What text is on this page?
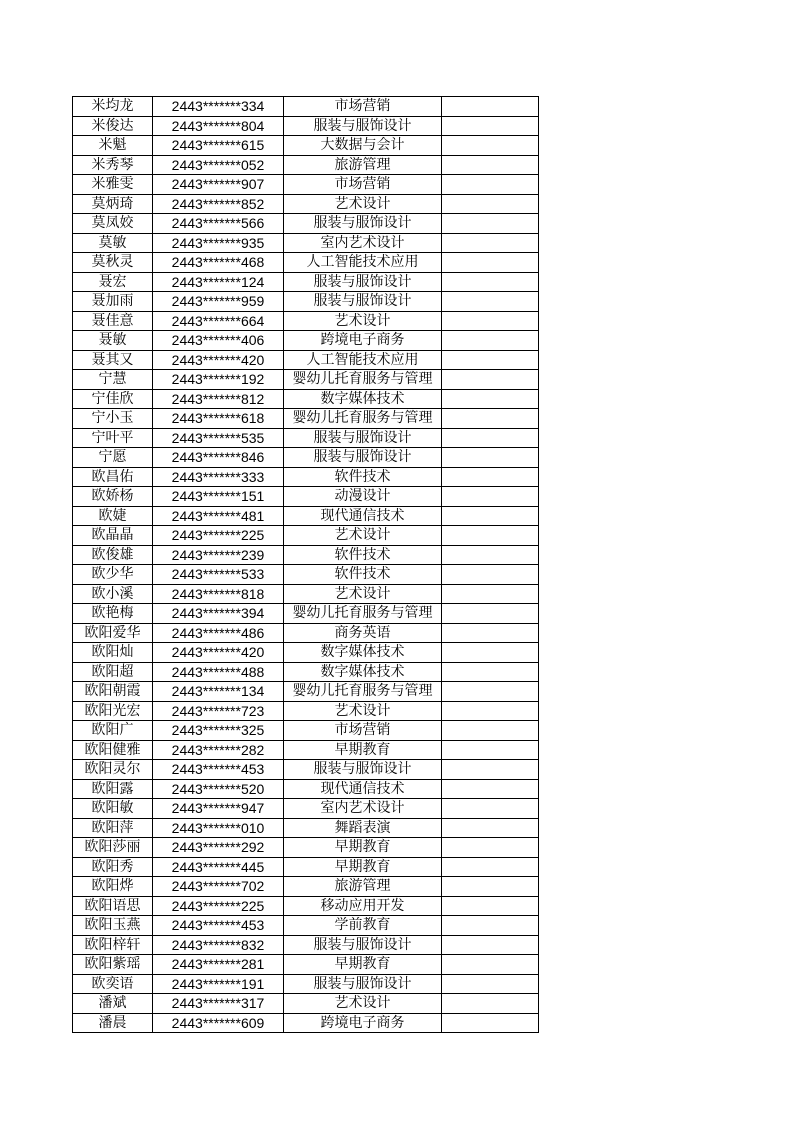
米均龙	2443*******334	市场营销	
米俊达	2443*******804	服装与服饰设计	
米魁	2443*******615	大数据与会计	
米秀琴	2443*******052	旅游管理	
米雅雯	2443*******907	市场营销	
莫炳琦	2443*******852	艺术设计	
莫凤姣	2443*******566	服装与服饰设计	
莫敏	2443*******935	室内艺术设计	
莫秋灵	2443*******468	人工智能技术应用	
聂宏	2443*******124	服装与服饰设计	
聂加雨	2443*******959	服装与服饰设计	
聂佳意	2443*******664	艺术设计	
聂敏	2443*******406	跨境电子商务	
聂其又	2443*******420	人工智能技术应用	
宁慧	2443*******192	婴幼儿托育服务与管理	
宁佳欣	2443*******812	数字媒体技术	
宁小玉	2443*******618	婴幼儿托育服务与管理	
宁叶平	2443*******535	服装与服饰设计	
宁愿	2443*******846	服装与服饰设计	
欧昌佑	2443*******333	软件技术	
欧娇杨	2443*******151	动漫设计	
欧婕	2443*******481	现代通信技术	
欧晶晶	2443*******225	艺术设计	
欧俊雄	2443*******239	软件技术	
欧少华	2443*******533	软件技术	
欧小溪	2443*******818	艺术设计	
欧艳梅	2443*******394	婴幼儿托育服务与管理	
欧阳爱华	2443*******486	商务英语	
欧阳灿	2443*******420	数字媒体技术	
欧阳超	2443*******488	数字媒体技术	
欧阳朝霞	2443*******134	婴幼儿托育服务与管理	
欧阳光宏	2443*******723	艺术设计	
欧阳广	2443*******325	市场营销	
欧阳健雅	2443*******282	早期教育	
欧阳灵尔	2443*******453	服装与服饰设计	
欧阳露	2443*******520	现代通信技术	
欧阳敏	2443*******947	室内艺术设计	
欧阳萍	2443*******010	舞蹈表演	
欧阳莎丽	2443*******292	早期教育	
欧阳秀	2443*******445	早期教育	
欧阳烨	2443*******702	旅游管理	
欧阳语思	2443*******225	移动应用开发	
欧阳玉燕	2443*******453	学前教育	
欧阳梓轩	2443*******832	服装与服饰设计	
欧阳紫瑶	2443*******281	早期教育	
欧奕语	2443*******191	服装与服饰设计	
潘斌	2443*******317	艺术设计	
潘晨	2443*******609	跨境电子商务	
